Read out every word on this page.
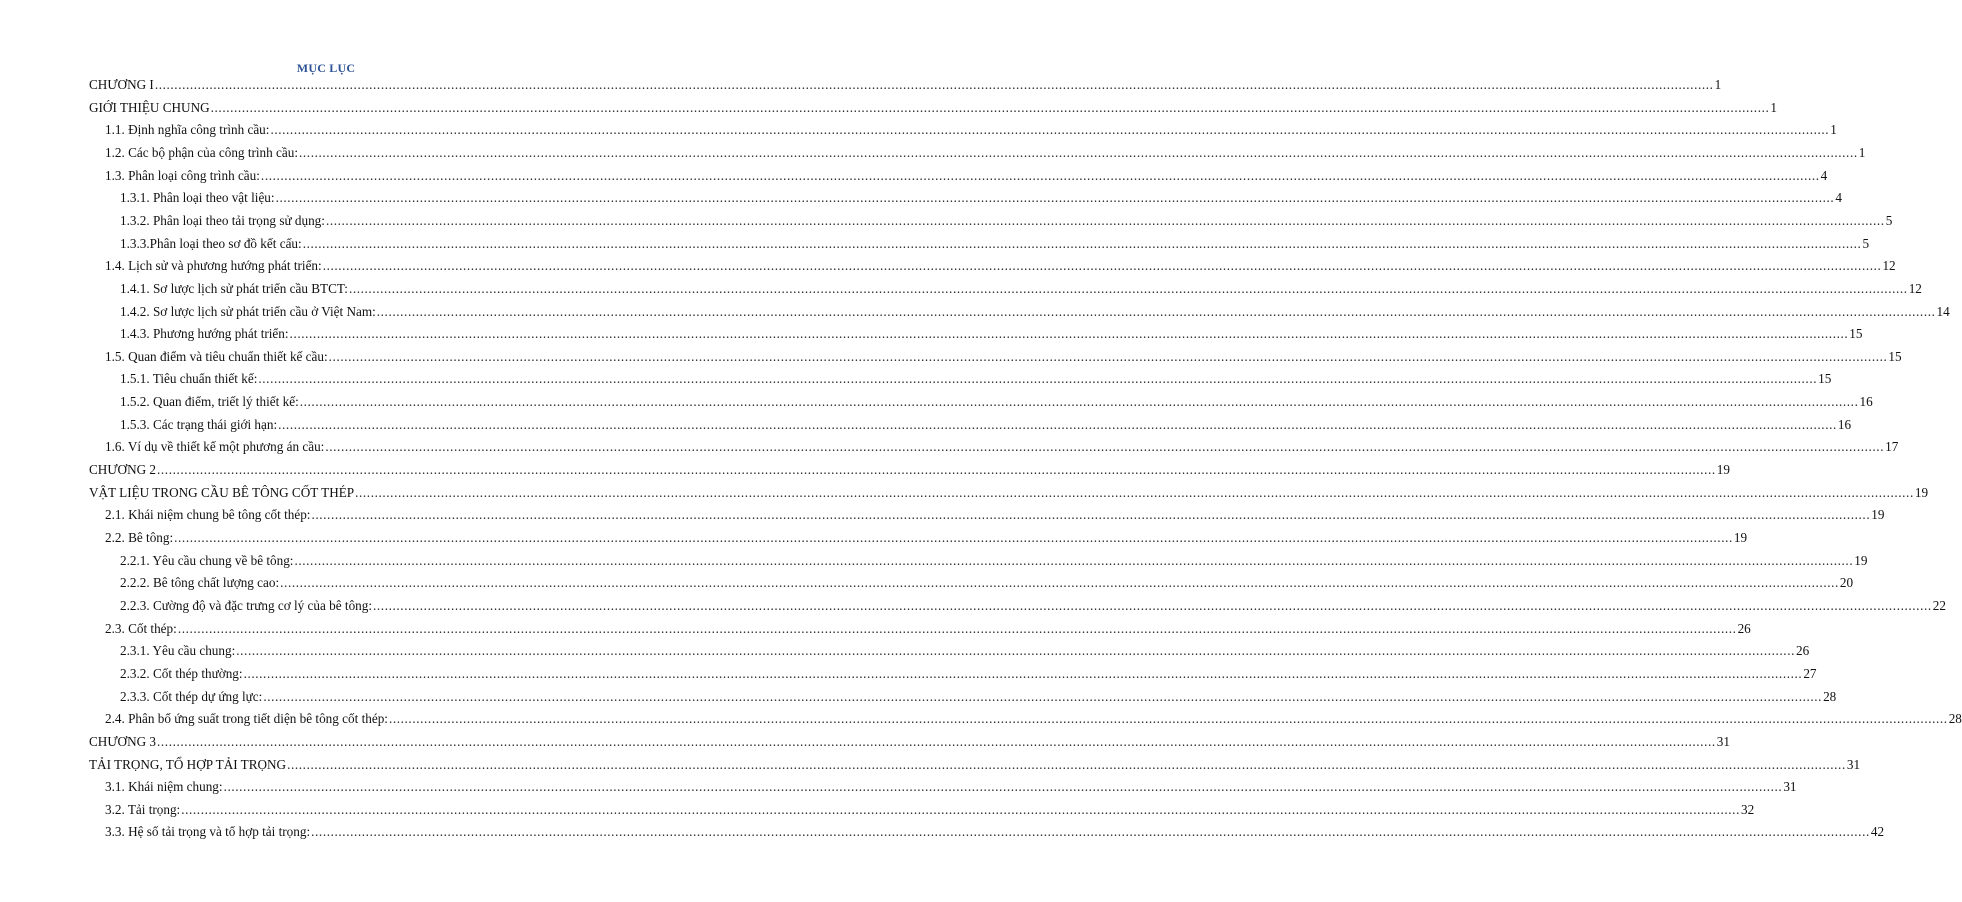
MỤC LỤC
CHƯƠNG I ................................................................................................................................................................................................................................................................................................................................................................................................................ 1
GIỚI THIỆU CHUNG ................................................................................................................................................................................................................................................................................................................................................................................................................ 1
1.1. Định nghĩa công trình cầu: ................................................................................................................................................................................................................................................................................................................................................................................................................ 1
1.2. Các bộ phận của công trình cầu: ................................................................................................................................................................................................................................................................................................................................................................................................................ 1
1.3. Phân loại công trình cầu: ................................................................................................................................................................................................................................................................................................................................................................................................................ 4
1.3.1. Phân loại theo vật liệu: ................................................................................................................................................................................................................................................................................................................................................................................................................ 4
1.3.2. Phân loại theo tải trọng sử dụng: ................................................................................................................................................................................................................................................................................................................................................................................................................ 5
1.3.3.Phân loại theo sơ đồ kết cấu: ................................................................................................................................................................................................................................................................................................................................................................................................................ 5
1.4. Lịch sử và phương hướng phát triển: ................................................................................................................................................................................................................................................................................................................................................................................................................ 12
1.4.1. Sơ lược lịch sử phát triển cầu BTCT: ................................................................................................................................................................................................................................................................................................................................................................................................................ 12
1.4.2. Sơ lược lịch sử phát triển cầu ở Việt Nam: ................................................................................................................................................................................................................................................................................................................................................................................................................ 14
1.4.3. Phương hướng phát triển: ................................................................................................................................................................................................................................................................................................................................................................................................................ 15
1.5. Quan điểm và tiêu chuẩn thiết kế cầu: ................................................................................................................................................................................................................................................................................................................................................................................................................ 15
1.5.1. Tiêu chuẩn thiết kế: ................................................................................................................................................................................................................................................................................................................................................................................................................ 15
1.5.2. Quan điểm, triết lý thiết kế: ................................................................................................................................................................................................................................................................................................................................................................................................................ 16
1.5.3. Các trạng thái giới hạn: ................................................................................................................................................................................................................................................................................................................................................................................................................ 16
1.6. Ví dụ về thiết kế một phương án cầu: ................................................................................................................................................................................................................................................................................................................................................................................................................ 17
CHƯƠNG 2 ................................................................................................................................................................................................................................................................................................................................................................................................................ 19
VẬT LIỆU TRONG CẦU BÊ TÔNG CỐT THÉP ................................................................................................................................................................................................................................................................................................................................................................................................................ 19
2.1. Khái niệm chung bê tông cốt thép: ................................................................................................................................................................................................................................................................................................................................................................................................................ 19
2.2. Bê tông: ................................................................................................................................................................................................................................................................................................................................................................................................................ 19
2.2.1. Yêu cầu chung về bê tông: ................................................................................................................................................................................................................................................................................................................................................................................................................ 19
2.2.2. Bê tông chất lượng cao: ................................................................................................................................................................................................................................................................................................................................................................................................................ 20
2.2.3. Cường độ và đặc trưng cơ lý của bê tông: ................................................................................................................................................................................................................................................................................................................................................................................................................ 22
2.3. Cốt thép: ................................................................................................................................................................................................................................................................................................................................................................................................................ 26
2.3.1. Yêu cầu chung: ................................................................................................................................................................................................................................................................................................................................................................................................................ 26
2.3.2. Cốt thép thường: ................................................................................................................................................................................................................................................................................................................................................................................................................ 27
2.3.3. Cốt thép dự ứng lực: ................................................................................................................................................................................................................................................................................................................................................................................................................ 28
2.4. Phân bố ứng suất trong tiết diện bê tông cốt thép: ................................................................................................................................................................................................................................................................................................................................................................................................................ 28
CHƯƠNG 3 ................................................................................................................................................................................................................................................................................................................................................................................................................ 31
TẢI TRỌNG, TỔ HỢP TẢI TRỌNG ................................................................................................................................................................................................................................................................................................................................................................................................................ 31
3.1. Khái niệm chung: ................................................................................................................................................................................................................................................................................................................................................................................................................ 31
3.2. Tải trọng: ................................................................................................................................................................................................................................................................................................................................................................................................................ 32
3.3. Hệ số tải trọng và tổ hợp tải trọng: ................................................................................................................................................................................................................................................................................................................................................................................................................ 42
